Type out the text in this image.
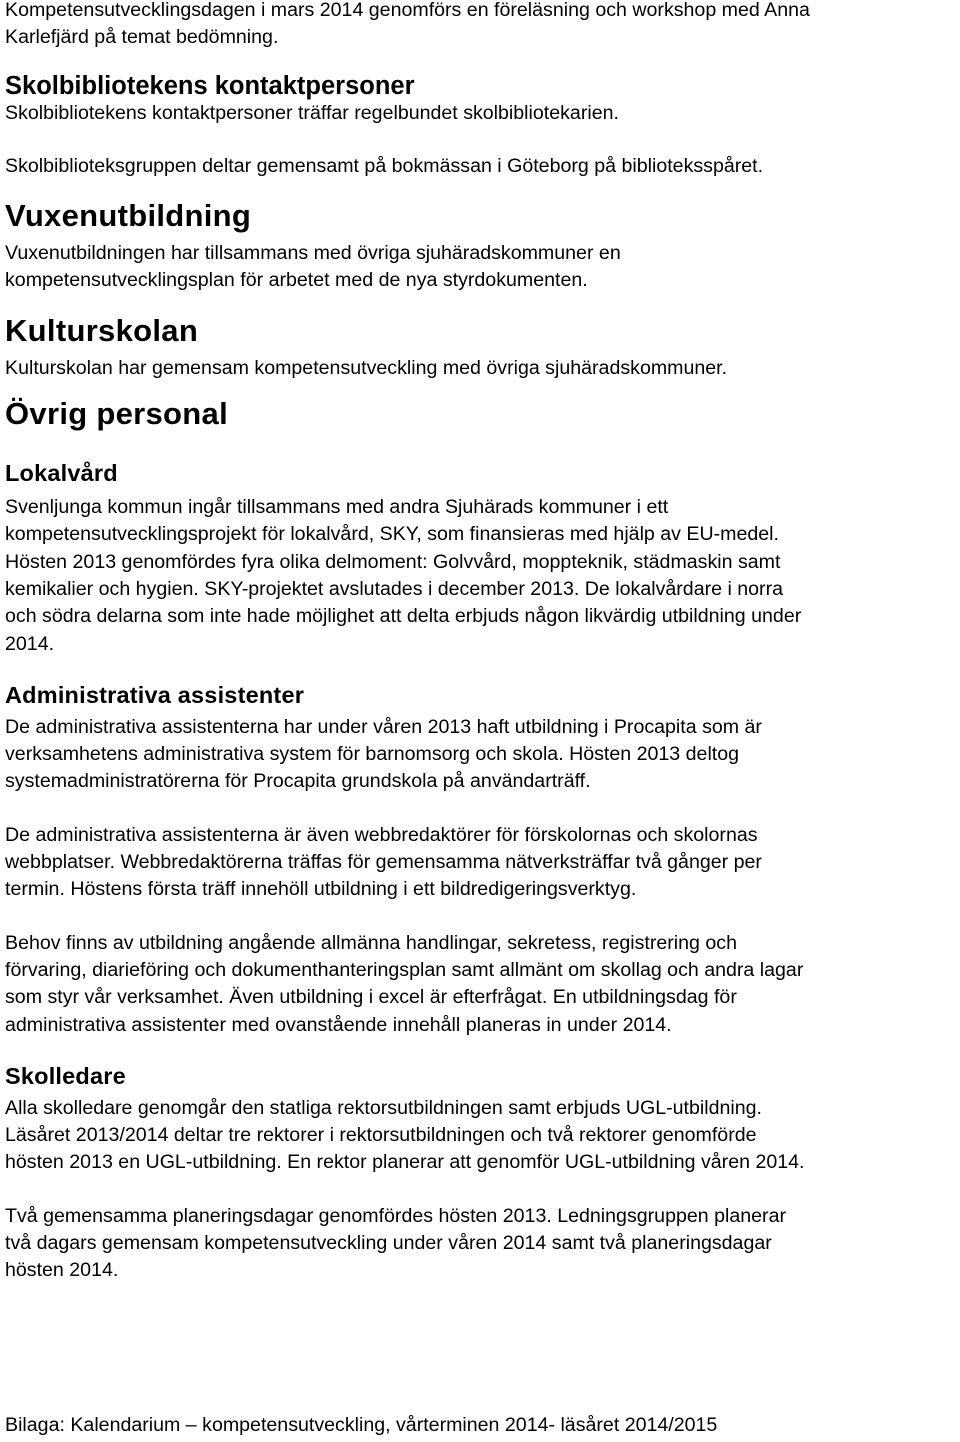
Kompetensutvecklingsdagen i mars 2014 genomförs en föreläsning och workshop med Anna
Karlefjärd på temat bedömning.

Skolbibliotekens kontaktpersoner

Skolbibliotekens kontaktpersoner träffar regelbundet skolbibliotekarien.

Skolbiblioteksgruppen deltar gemensamt på bokmässan i Göteborg på biblioteksspåret.

Vuxenutbildning

Vuxenutbildningen har tillsammans med övriga sjuhäradskommuner en
kompetensutvecklingsplan för arbetet med de nya styrdokumenten.

Kulturskolan

Kulturskolan har gemensam kompetensutveckling med övriga sjuhäradskommuner.

Övrig personal
Lokalvård

Svenljunga kommun ingår tillsammans med andra Sjuhärads kommuner i ett
kompetensutvecklingsprojekt för lokalvård, SKY, som finansieras med hjälp av EU-medel.
Hösten 2013 genomfördes fyra olika delmoment: Golvvård, moppteknik, städmaskin samt
kemikalier och hygien. SKY-projektet avslutades i december 2013. De lokalvårdare i norra
och södra delarna som inte hade möjlighet att delta erbjuds någon likvärdig utbildning under
2014.

Administrativa assistenter

De administrativa assistenterna har under våren 2013 haft utbildning i Procapita som är
verksamhetens administrativa system för barnomsorg och skola. Hösten 2013 deltog
systemadministratörerna för Procapita grundskola på användarträff.

De administrativa assistenterna är även webbredaktörer för förskolornas och skolornas
webbplatser. Webbredaktörerna träffas för gemensamma nätverksträffar två gånger per
termin. Höstens första träff innehöll utbildning i ett bildredigeringsverktyg.

Behov finns av utbildning angående allmänna handlingar, sekretess, registrering och
förvaring, diarieföring och dokumenthanteringsplan samt allmänt om skollag och andra lagar
som styr vår verksamhet. Även utbildning i excel är efterfrågat. En utbildningsdag för
administrativa assistenter med ovanstående innehåll planeras in under 2014.

Skolledare

Alla skolledare genomgår den statliga rektorsutbildningen samt erbjuds UGL-utbildning.
Läsåret 2013/2014 deltar tre rektorer i rektorsutbildningen och två rektorer genomförde
hösten 2013 en UGL-utbildning. En rektor planerar att genomför UGL-utbildning våren 2014.

Två gemensamma planeringsdagar genomfördes hösten 2013. Ledningsgruppen planerar
två dagars gemensam kompetensutveckling under våren 2014 samt två planeringsdagar
hösten 2014.

Bilaga: Kalendarium – kompetensutveckling, vårterminen 2014- läsåret 2014/2015
